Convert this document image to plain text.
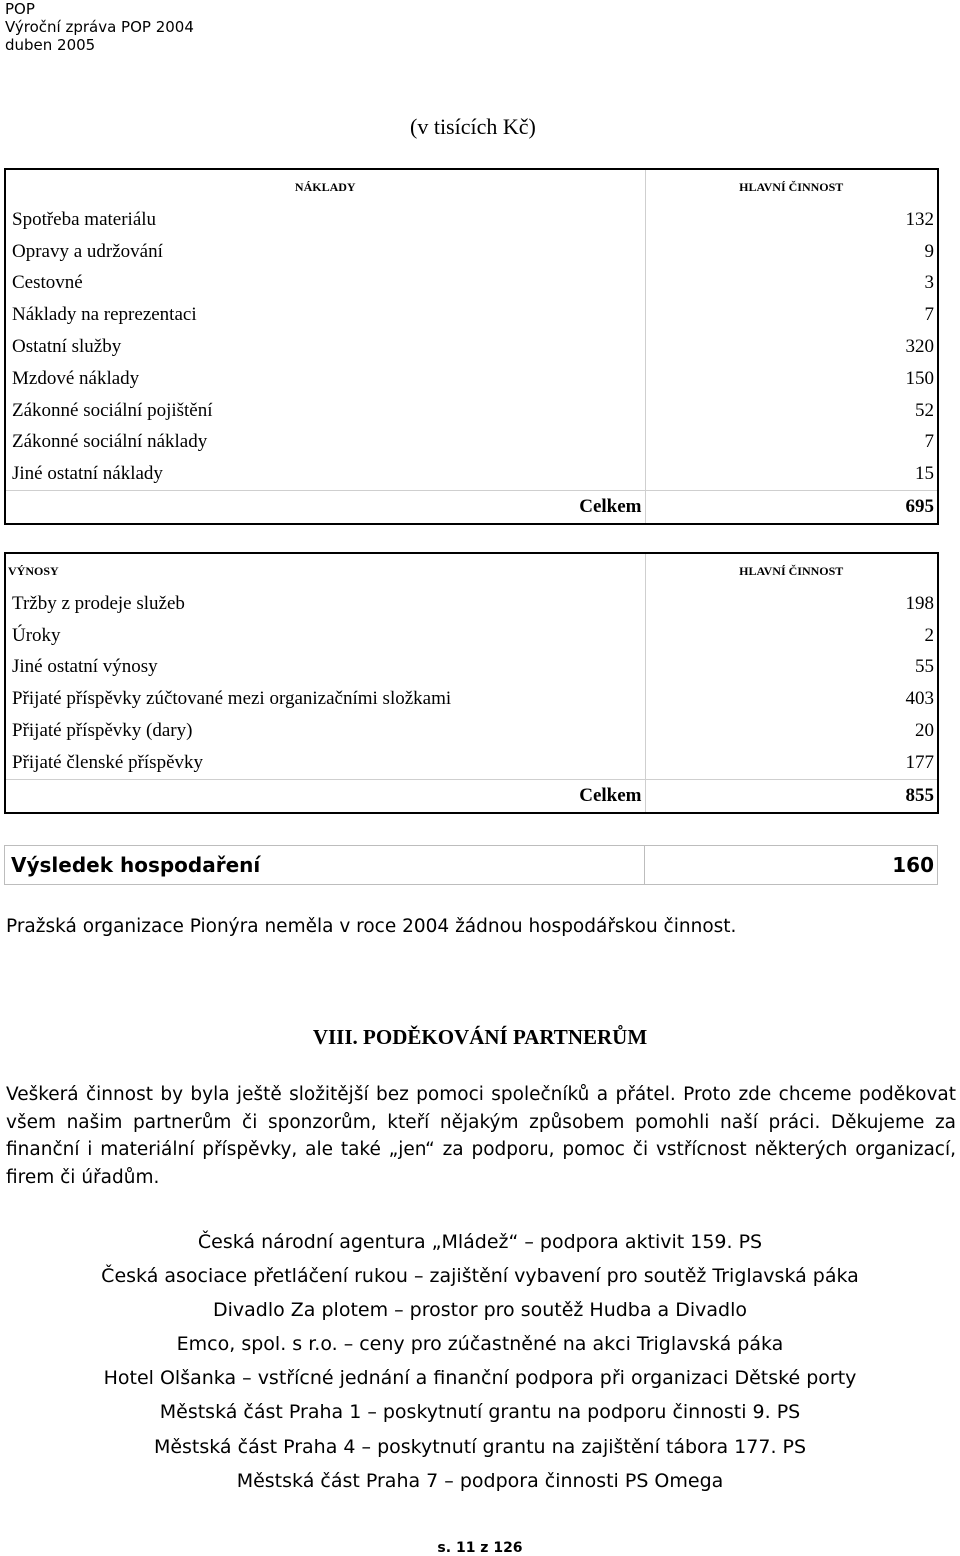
POP
Výroční zpráva POP 2004
duben 2005
(v tisících Kč)
NÁKLADY	HLAVNÍ ČINNOST
Spotřeba materiálu	132
Opravy a udržování	9
Cestovné	3
Náklady na reprezentaci	7
Ostatní služby	320
Mzdové náklady	150
Zákonné sociální pojištění	52
Zákonné sociální náklady	7
Jiné ostatní náklady	15
Celkem	695
VÝNOSY	HLAVNÍ ČINNOST
Tržby z prodeje služeb	198
Úroky	2
Jiné ostatní výnosy	55
Přijaté příspěvky zúčtované mezi organizačními složkami	403
Přijaté příspěvky (dary)	20
Přijaté členské příspěvky	177
Celkem	855
Výsledek hospodaření	160
Pražská organizace Pionýra neměla v roce 2004 žádnou hospodářskou činnost.
VIII. PODĚKOVÁNÍ PARTNERŮM
Veškerá činnost by byla ještě složitější bez pomoci společníků a přátel. Proto zde chceme poděkovat všem našim partnerům či sponzorům, kteří nějakým způsobem pomohli naší práci. Děkujeme za finanční i materiální příspěvky, ale také „jen“ za podporu, pomoc či vstřícnost některých organizací, firem či úřadům.
Česká národní agentura „Mládež“ – podpora aktivit 159. PS
Česká asociace přetláčení rukou – zajištění vybavení pro soutěž Triglavská páka
Divadlo Za plotem – prostor pro soutěž Hudba a Divadlo
Emco, spol. s r.o. – ceny pro zúčastněné na akci Triglavská páka
Hotel Olšanka – vstřícné jednání a finanční podpora při organizaci Dětské porty
Městská část Praha 1 – poskytnutí grantu na podporu činnosti 9. PS
Městská část Praha 4 – poskytnutí grantu na zajištění tábora 177. PS
Městská část Praha 7 – podpora činnosti PS Omega
s. 11 z 126
